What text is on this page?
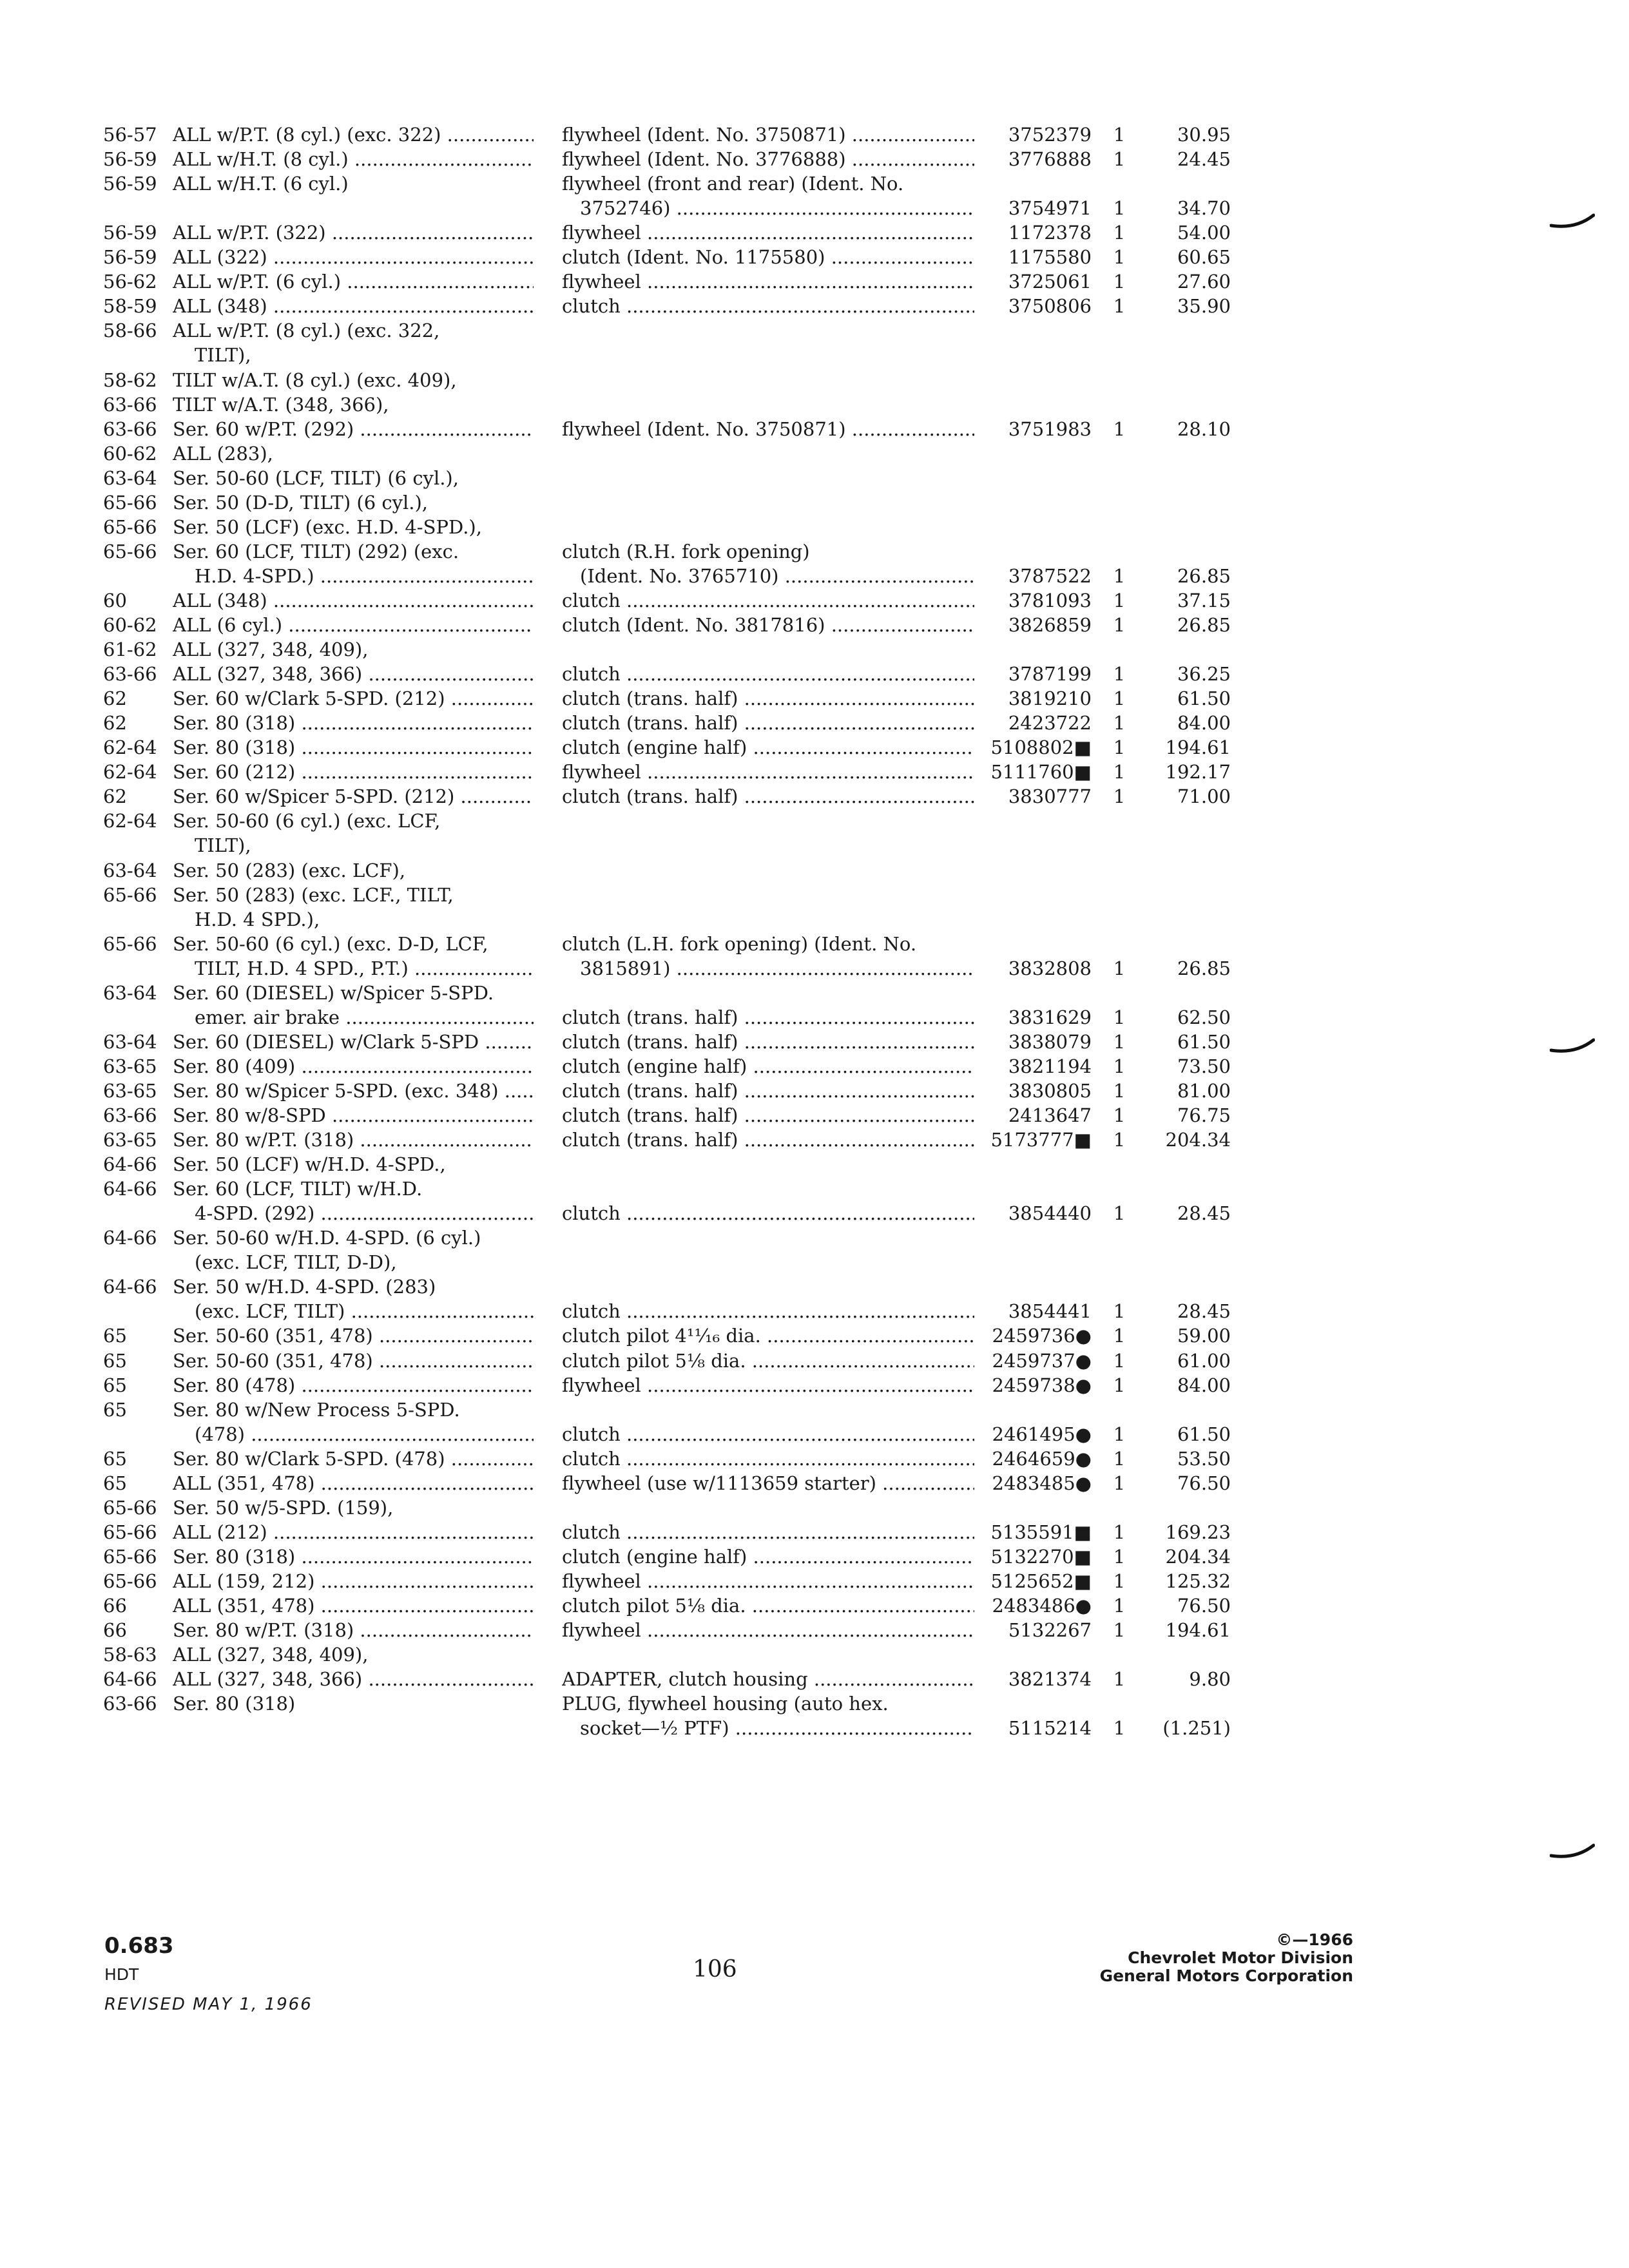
56-57 ALL w/P.T. (8 cyl.) (exc. 322) .....	flywheel (Ident. No. 3750871) .....	3752379 1	30.95
56-59 ALL w/H.T. (8 cyl.) .....	flywheel (Ident. No. 3776888) .....	3776888 1	24.45
56-59 ALL w/H.T. (6 cyl.)	flywheel (front and rear) (Ident. No.
3752746) .....	3754971 1	34.70
56-59 ALL w/P.T. (322) .....	flywheel .....	1172378 1	54.00
56-59 ALL (322) .....	clutch (Ident. No. 1175580) .....	1175580 1	60.65
56-62 ALL w/P.T. (6 cyl.) .....	flywheel .....	3725061 1	27.60
58-59 ALL (348) .....	clutch .....	3750806 1	35.90
58-66 ALL w/P.T. (8 cyl.) (exc. 322,
TILT),
58-62 TILT w/A.T. (8 cyl.) (exc. 409),
63-66 TILT w/A.T. (348, 366),
63-66 Ser. 60 w/P.T. (292) .....	flywheel (Ident. No. 3750871) .....	3751983 1	28.10
60-62 ALL (283),
63-64 Ser. 50-60 (LCF, TILT) (6 cyl.),
65-66 Ser. 50 (D-D, TILT) (6 cyl.),
65-66 Ser. 50 (LCF) (exc. H.D. 4-SPD.),
65-66 Ser. 60 (LCF, TILT) (292) (exc.	clutch (R.H. fork opening)
H.D. 4-SPD.) .....	(Ident. No. 3765710) .....	3787522 1	26.85
60 ALL (348) .....	clutch .....	3781093 1	37.15
60-62 ALL (6 cyl.) .....	clutch (Ident. No. 3817816) .....	3826859 1	26.85
61-62 ALL (327, 348, 409),
63-66 ALL (327, 348, 366) .....	clutch .....	3787199 1	36.25
62 Ser. 60 w/Clark 5-SPD. (212) .....	clutch (trans. half) .....	3819210 1	61.50
62 Ser. 80 (318) .....	clutch (trans. half) .....	2423722 1	84.00
62-64 Ser. 80 (318) .....	clutch (engine half) .....	5108802■ 1	194.61
62-64 Ser. 60 (212) .....	flywheel .....	5111760■ 1	192.17
62 Ser. 60 w/Spicer 5-SPD. (212) .....	clutch (trans. half) .....	3830777 1	71.00
62-64 Ser. 50-60 (6 cyl.) (exc. LCF,
TILT),
63-64 Ser. 50 (283) (exc. LCF),
65-66 Ser. 50 (283) (exc. LCF., TILT,
H.D. 4 SPD.),
65-66 Ser. 50-60 (6 cyl.) (exc. D-D, LCF,	clutch (L.H. fork opening) (Ident. No.
TILT, H.D. 4 SPD., P.T.) .....	3815891) .....	3832808 1	26.85
63-64 Ser. 60 (DIESEL) w/Spicer 5-SPD.
emer. air brake .....	clutch (trans. half) .....	3831629 1	62.50
63-64 Ser. 60 (DIESEL) w/Clark 5-SPD .....	clutch (trans. half) .....	3838079 1	61.50
63-65 Ser. 80 (409) .....	clutch (engine half) .....	3821194 1	73.50
63-65 Ser. 80 w/Spicer 5-SPD. (exc. 348) .....	clutch (trans. half) .....	3830805 1	81.00
63-66 Ser. 80 w/8-SPD .....	clutch (trans. half) .....	2413647 1	76.75
63-65 Ser. 80 w/P.T. (318) .....	clutch (trans. half) .....	5173777■ 1	204.34
64-66 Ser. 50 (LCF) w/H.D. 4-SPD.,
64-66 Ser. 60 (LCF, TILT) w/H.D.
4-SPD. (292) .....	clutch .....	3854440 1	28.45
64-66 Ser. 50-60 w/H.D. 4-SPD. (6 cyl.)
(exc. LCF, TILT, D-D),
64-66 Ser. 50 w/H.D. 4-SPD. (283)
(exc. LCF, TILT) .....	clutch .....	3854441 1	28.45
65 Ser. 50-60 (351, 478) .....	clutch pilot 4¹¹⁄₁₆ dia. .....	2459736● 1	59.00
65 Ser. 50-60 (351, 478) .....	clutch pilot 5⅛ dia. .....	2459737● 1	61.00
65 Ser. 80 (478) .....	flywheel .....	2459738● 1	84.00
65 Ser. 80 w/New Process 5-SPD.
(478) .....	clutch .....	2461495● 1	61.50
65 Ser. 80 w/Clark 5-SPD. (478) .....	clutch .....	2464659● 1	53.50
65 ALL (351, 478) .....	flywheel (use w/1113659 starter) .....	2483485● 1	76.50
65-66 Ser. 50 w/5-SPD. (159),
65-66 ALL (212) .....	clutch .....	5135591■ 1	169.23
65-66 Ser. 80 (318) .....	clutch (engine half) .....	5132270■ 1	204.34
65-66 ALL (159, 212) .....	flywheel .....	5125652■ 1	125.32
66 ALL (351, 478) .....	clutch pilot 5⅛ dia. .....	2483486● 1	76.50
66 Ser. 80 w/P.T. (318) .....	flywheel .....	5132267 1	194.61
58-63 ALL (327, 348, 409),
64-66 ALL (327, 348, 366) .....	ADAPTER, clutch housing .....	3821374 1	9.80
63-66 Ser. 80 (318)	PLUG, flywheel housing (auto hex.
socket—½ PTF) .....	5115214 1	(1.251)
0.683
HDT
REVISED MAY 1, 1966
106
©—1966
Chevrolet Motor Division
General Motors Corporation
